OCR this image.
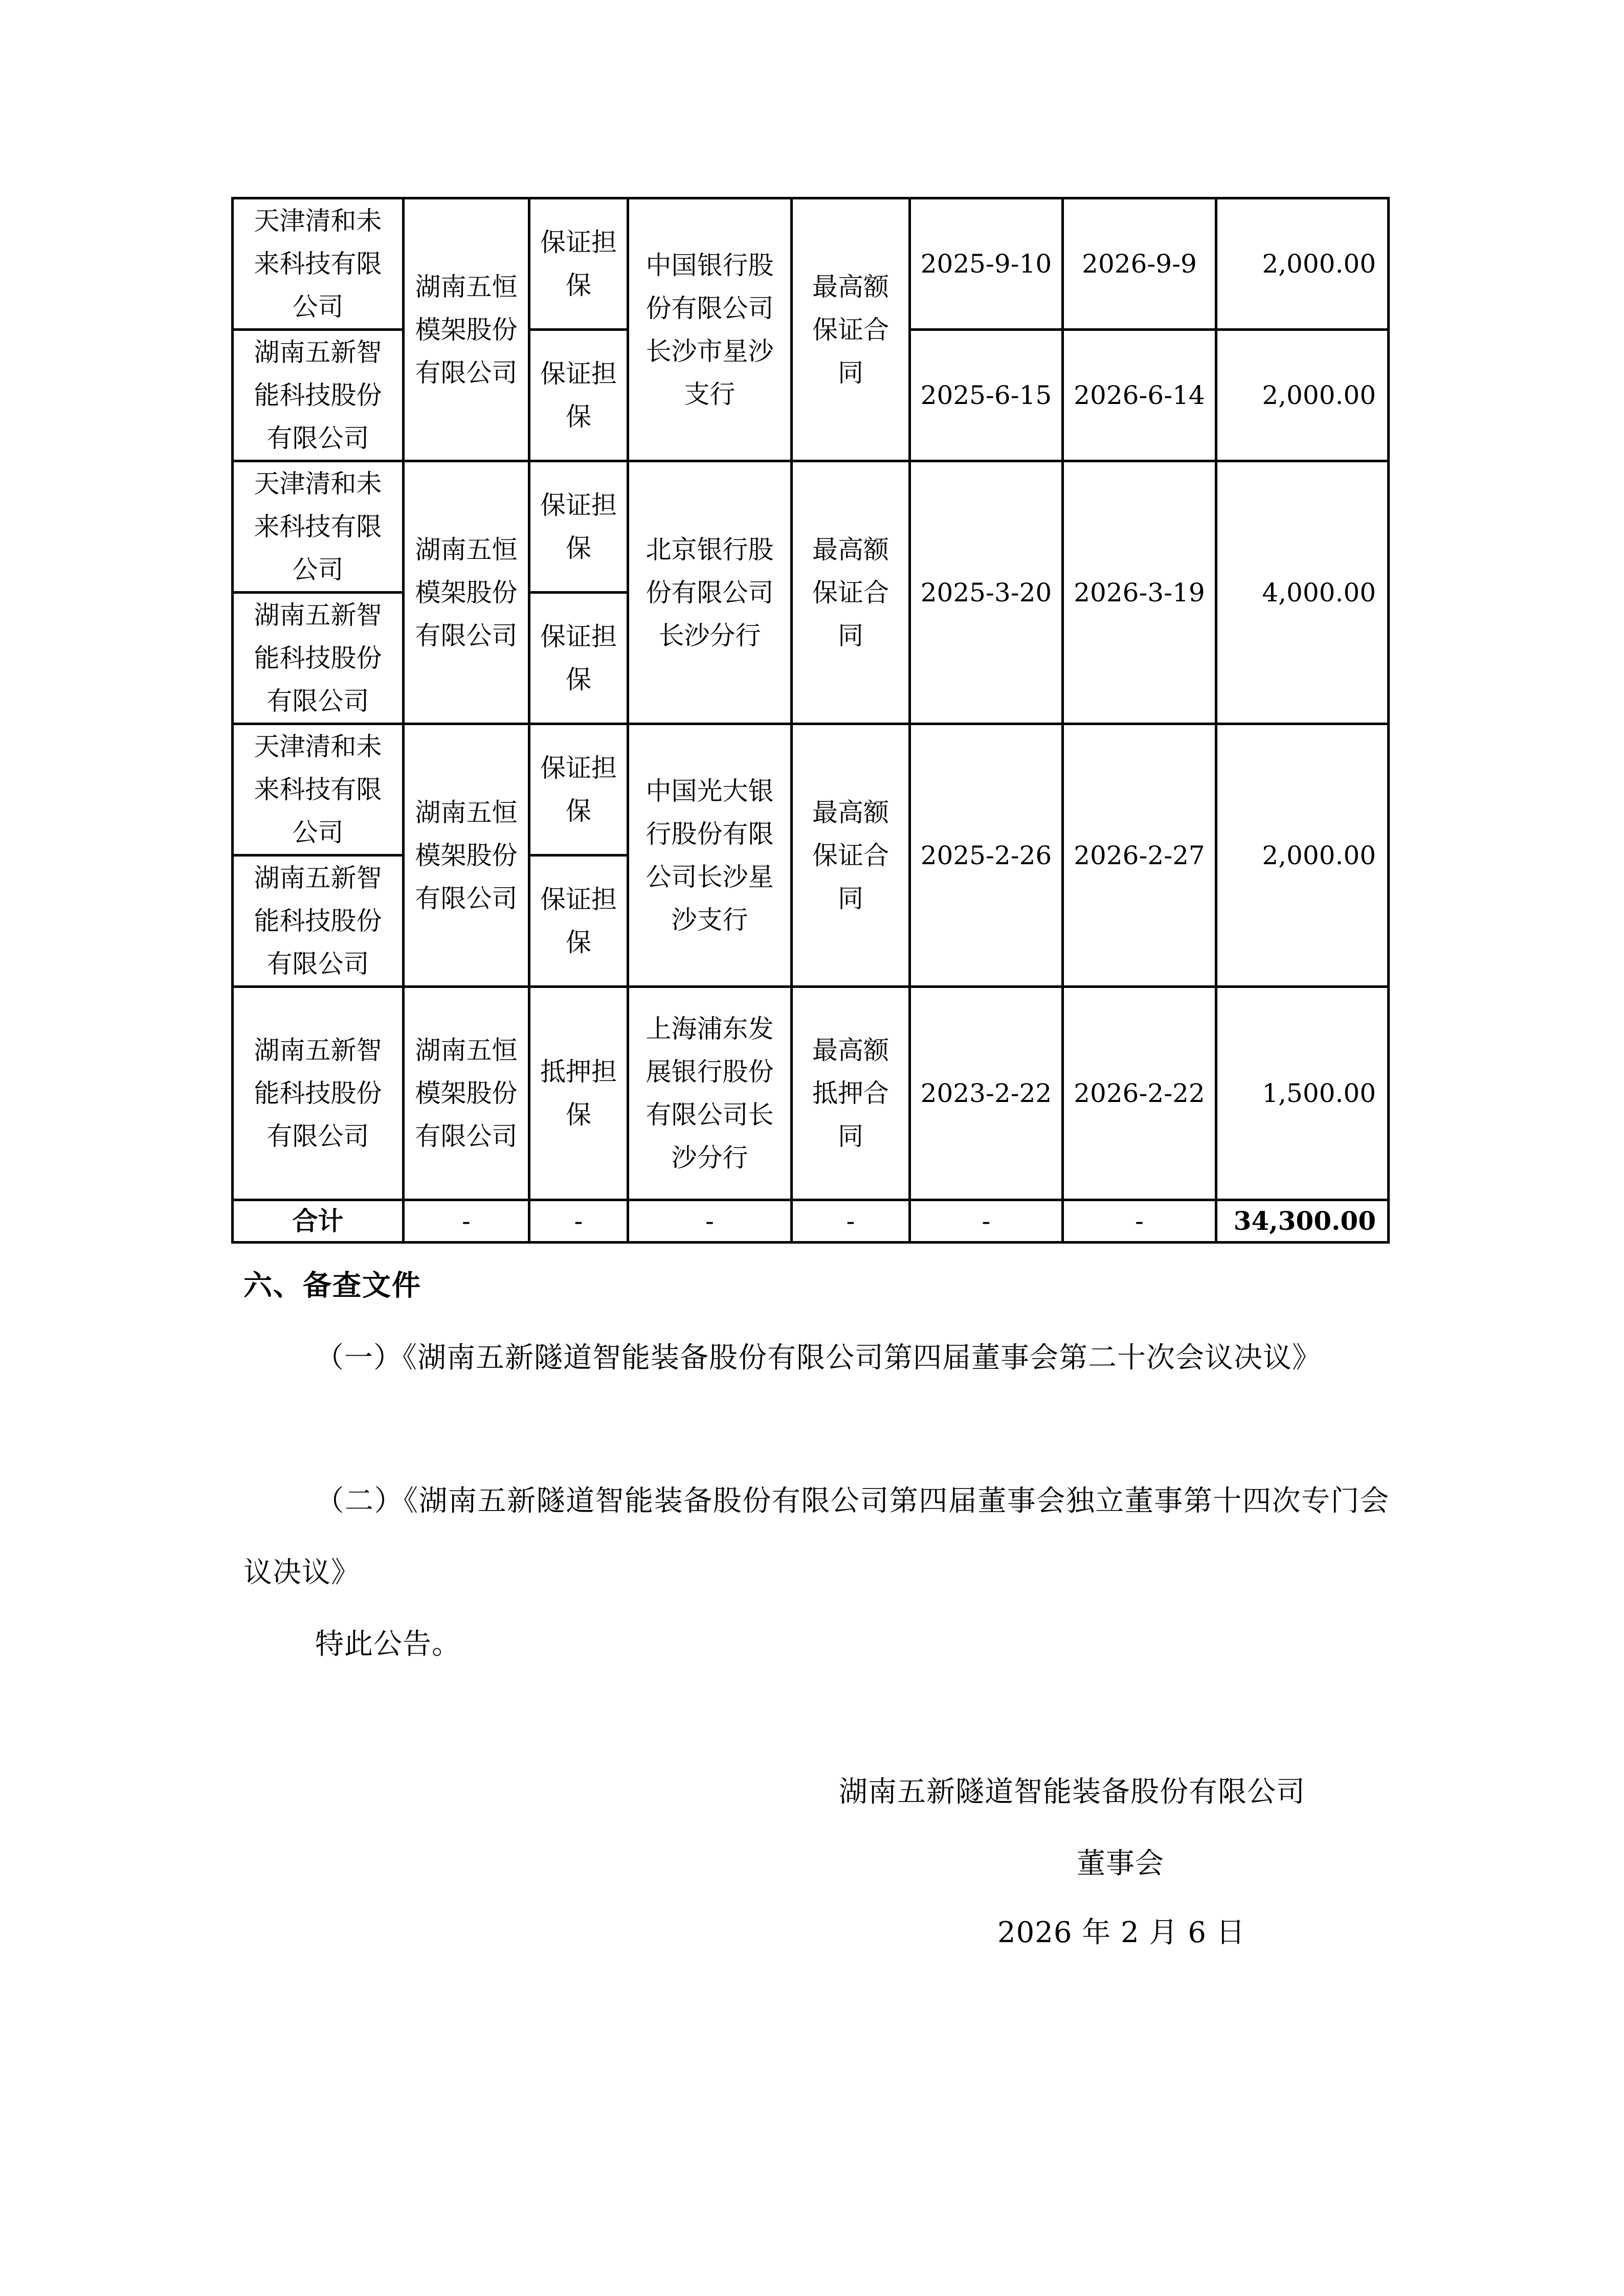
天津清和未来科技有限公司	湖南五恒模架股份有限公司	保证担保	中国银行股份有限公司长沙市星沙支行	最高额保证合同	2025-9-10	2026-9-9	2,000.00
湖南五新智能科技股份有限公司		保证担保			2025-6-15	2026-6-14	2,000.00
天津清和未来科技有限公司	湖南五恒模架股份有限公司	保证担保	北京银行股份有限公司长沙分行	最高额保证合同	2025-3-20	2026-3-19	4,000.00
湖南五新智能科技股份有限公司		保证担保					
天津清和未来科技有限公司	湖南五恒模架股份有限公司	保证担保	中国光大银行股份有限公司长沙星沙支行	最高额保证合同	2025-2-26	2026-2-27	2,000.00
湖南五新智能科技股份有限公司		保证担保					
湖南五新智能科技股份有限公司	湖南五恒模架股份有限公司	抵押担保	上海浦东发展银行股份有限公司长沙分行	最高额抵押合同	2023-2-22	2026-2-22	1,500.00
合计	-	-	-	-	-	-	34,300.00
六、备查文件
（一）《湖南五新隧道智能装备股份有限公司第四届董事会第二十次会议决议》
（二）《湖南五新隧道智能装备股份有限公司第四届董事会独立董事第十四次专门会议决议》
特此公告。
湖南五新隧道智能装备股份有限公司
董事会
2026 年 2 月 6 日
